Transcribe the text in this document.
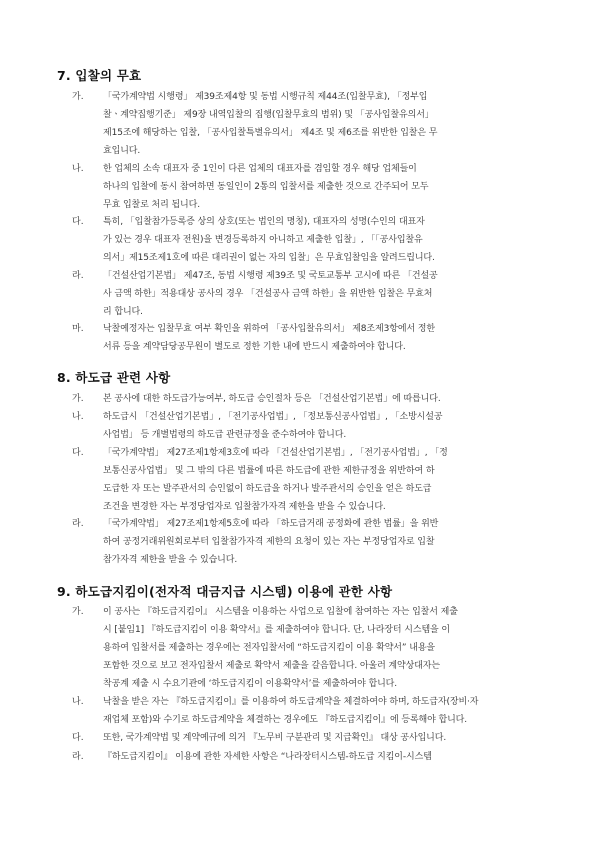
7. 입찰의 무효
가. 「국가계약법 시행령」 제39조제4항 및 동법 시행규칙 제44조(입찰무효), 「정부입
찰ㆍ계약집행기준」 제9장 내역입찰의 집행(입찰무효의 범위) 및 「공사입찰유의서」
제15조에 해당하는 입찰, 「공사입찰특별유의서」 제4조 및 제6조를 위반한 입찰은 무
효입니다.
나. 한 업체의 소속 대표자 중 1인이 다른 업체의 대표자를 겸임할 경우 해당 업체들이
하나의 입찰에 동시 참여하면 동일인이 2통의 입찰서를 제출한 것으로 간주되어 모두
무효 입찰로 처리 됩니다.
다. 특히, 「입찰참가등록증 상의 상호(또는 법인의 명칭), 대표자의 성명(수인의 대표자
가 있는 경우 대표자 전원)을 변경등록하지 아니하고 제출한 입찰」, 「「공사입찰유
의서」제15조제1호에 따른 대리권이 없는 자의 입찰」은 무효입찰임을 알려드립니다.
라. 「건설산업기본법」 제47조, 동법 시행령 제39조 및 국토교통부 고시에 따른 「건설공
사 금액 하한」적용대상 공사의 경우 「건설공사 금액 하한」을 위반한 입찰은 무효처
리 합니다.
마. 낙찰예정자는 입찰무효 여부 확인을 위하여 「공사입찰유의서」 제8조제3항에서 정한
서류 등을 계약담당공무원이 별도로 정한 기한 내에 반드시 제출하여야 합니다.
8. 하도급 관련 사항
가. 본 공사에 대한 하도급가능여부, 하도급 승인절차 등은 「건설산업기본법」에 따릅니다.
나. 하도급시 「건설산업기본법」, 「전기공사업법」, 「정보통신공사업법」, 「소방시설공
사업법」 등 개별법령의 하도급 관련규정을 준수하여야 합니다.
다. 「국가계약법」 제27조제1항제3호에 따라 「건설산업기본법」, 「전기공사업법」, 「정
보통신공사업법」 및 그 밖의 다른 법률에 따른 하도급에 관한 제한규정을 위반하여 하
도급한 자 또는 발주관서의 승인없이 하도급을 하거나 발주관서의 승인을 얻은 하도급
조건을 변경한 자는 부정당업자로 입찰참가자격 제한을 받을 수 있습니다.
라. 「국가계약법」 제27조제1항제5호에 따라 「하도급거래 공정화에 관한 법률」을 위반
하여 공정거래위원회로부터 입찰참가자격 제한의 요청이 있는 자는 부정당업자로 입찰
참가자격 제한을 받을 수 있습니다.
9. 하도급지킴이(전자적 대금지급 시스템) 이용에 관한 사항
가. 이 공사는 『하도급지킴이』 시스템을 이용하는 사업으로 입찰에 참여하는 자는 입찰서 제출
시 [붙임1] 『하도급지킴이 이용 확약서』를 제출하여야 합니다. 단, 나라장터 시스템을 이
용하여 입찰서를 제출하는 경우에는 전자입찰서에 “하도급지킴이 이용 확약서” 내용을
포함한 것으로 보고 전자입찰서 제출로 확약서 제출을 갈음합니다. 아울러 계약상대자는
착공계 제출 시 수요기관에 ‘하도급지킴이 이용확약서’를 제출하여야 합니다.
나. 낙찰을 받은 자는 『하도급지킴이』를 이용하여 하도급계약을 체결하여야 하며, 하도급자(장비·자
재업체 포함)와 수기로 하도급계약을 체결하는 경우에도 『하도급지킴이』에 등록해야 합니다.
다. 또한, 국가계약법 및 계약예규에 의거 『노무비 구분관리 및 지급확인』 대상 공사입니다.
라. 『하도급지킴이』 이용에 관한 자세한 사항은 “나라장터시스템-하도급 지킴이-시스템
